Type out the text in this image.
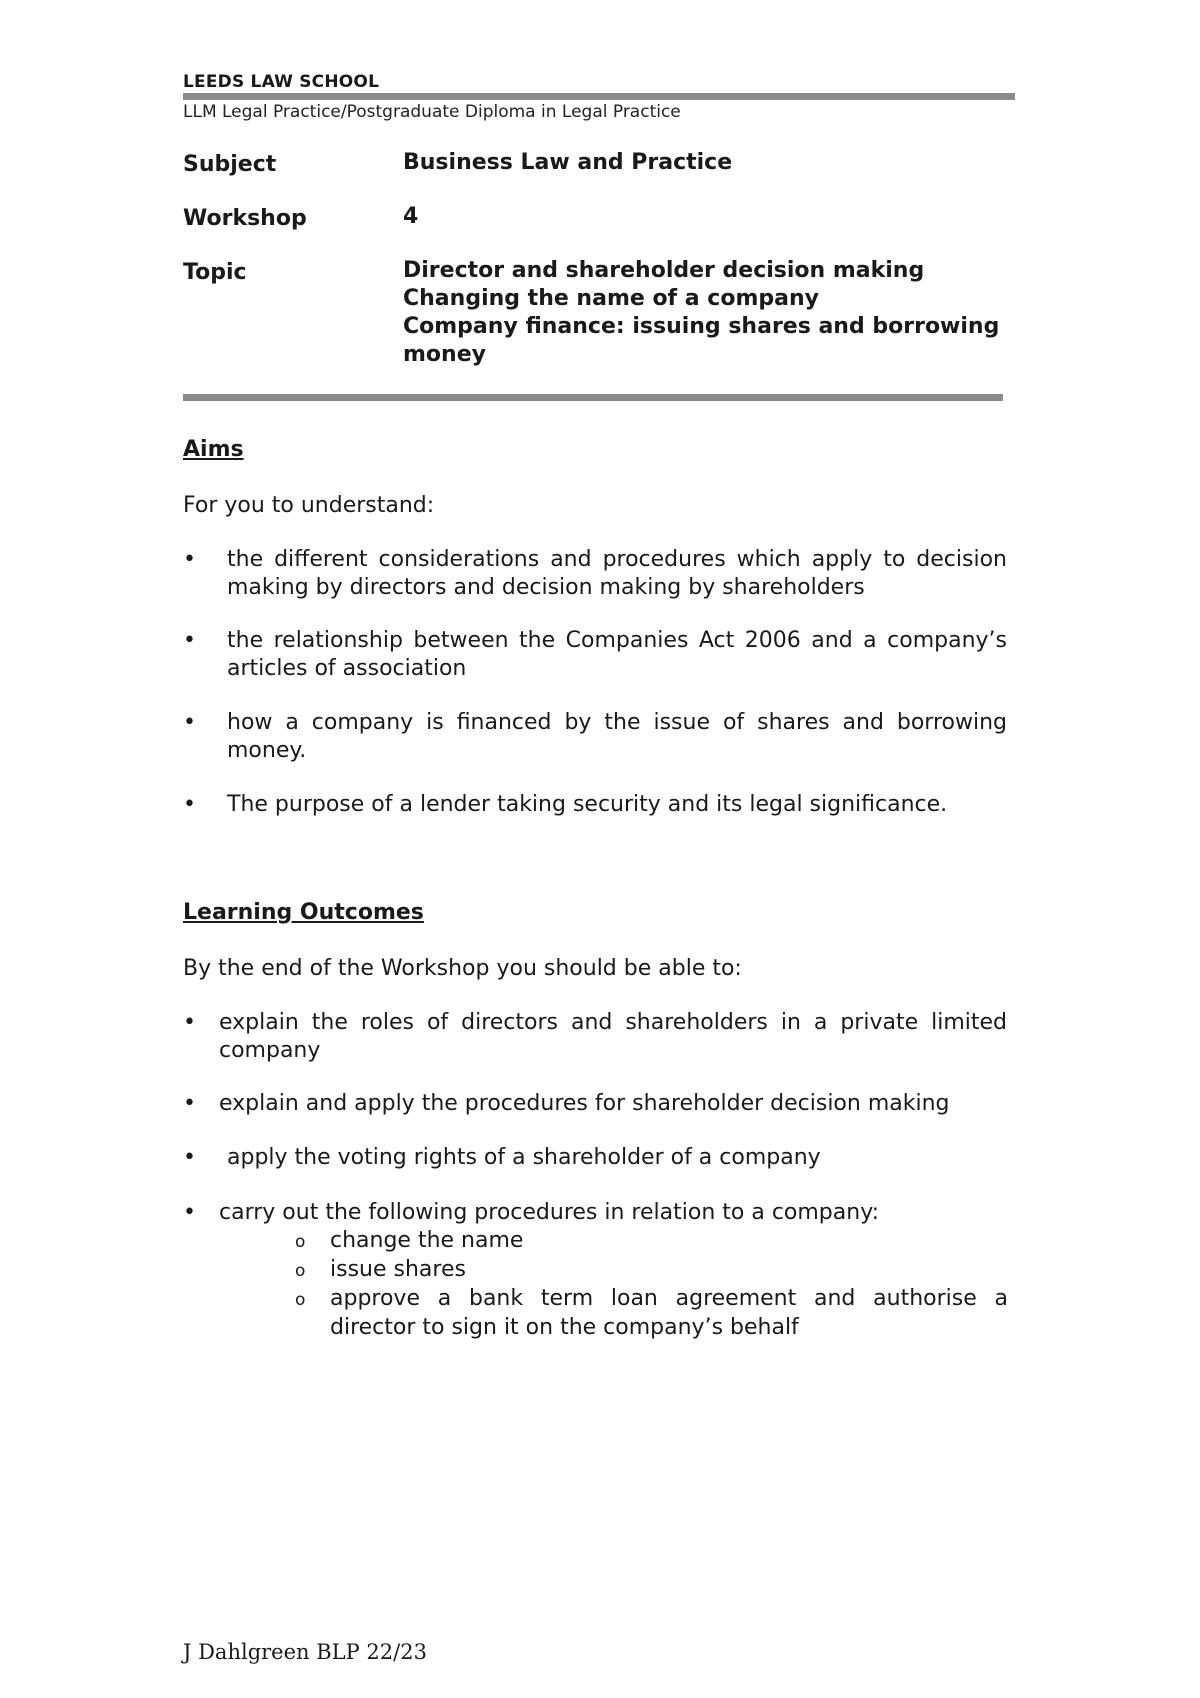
LEEDS LAW SCHOOL
LLM Legal Practice/Postgraduate Diploma in Legal Practice
Subject	Business Law and Practice
Workshop	4
Topic	Director and shareholder decision making
Changing the name of a company
Company finance: issuing shares and borrowing money
Aims
For you to understand:
• the different considerations and procedures which apply to decision making by directors and decision making by shareholders
• the relationship between the Companies Act 2006 and a company’s articles of association
• how a company is financed by the issue of shares and borrowing money.
• The purpose of a lender taking security and its legal significance.
Learning Outcomes
By the end of the Workshop you should be able to:
• explain the roles of directors and shareholders in a private limited company
• explain and apply the procedures for shareholder decision making
• apply the voting rights of a shareholder of a company
• carry out the following procedures in relation to a company:
o change the name
o issue shares
o approve a bank term loan agreement and authorise a director to sign it on the company’s behalf
J Dahlgreen BLP 22/23
